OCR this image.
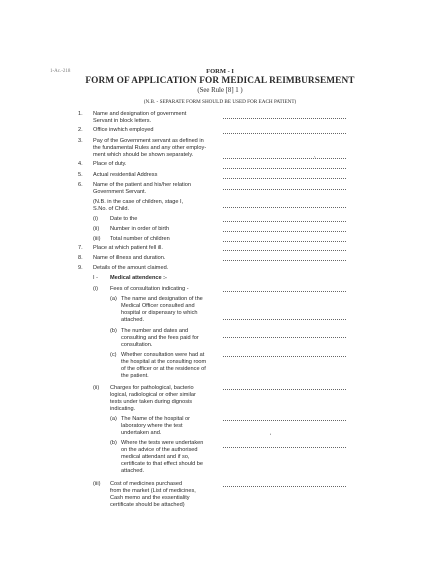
1-Ac.-218	FORM - I
FORM OF APPLICATION FOR MEDICAL REIMBURSEMENT
(See Rule [8] 1 )
(N.B. - SEPARATE FORM SHOULD BE USED FOR EACH PATIENT)
1. Name and designation of government
Servant in block letters.
2. Office inwhich employed
3. Pay of the Government servant as defined in
the fundamental Rules and any other employ-
ment which should be shown separately.	ˎ
4. Place of duty.
5. Actual residential Address
6. Name of the patient and his/her relation
Government Servant.
(N.B. in the case of children, stage I,
S.No. of Child.
(i) Date to the
(ii) Number in order of birth
(iii) Total number of children
7. Place at which patient fell ill.
8. Name of illness and duration.
9. Details of the amount claimed.
I - Medical attendence :-
(i) Fees of consultation indicating -
(a) The name and designation of the
Medical Officer consulted and
hospital or dispensary to which
attached.
(b) The number and dates and
consulting and the fees paid for
consultation.
(c) Whether consultation were had at
the hospital at the consulting room
of the officer or at the residence of
the patient.
(ii) Charges for pathological, bacterio
logical, radiological or other similar
tests under taken during dignosis
indicating.
(a) The Name of the hospital or
laboratory where the test
undertaken and.
ʹ
(b) Where the tests were undertaken
on the advice of the authorised
medical attendant and if so,
certificate to that effect should be
attached.
(iii) Cost of medicines purchased
from the market (List of medicines,
Cash memo and the essentiality
certificate should be attached)
